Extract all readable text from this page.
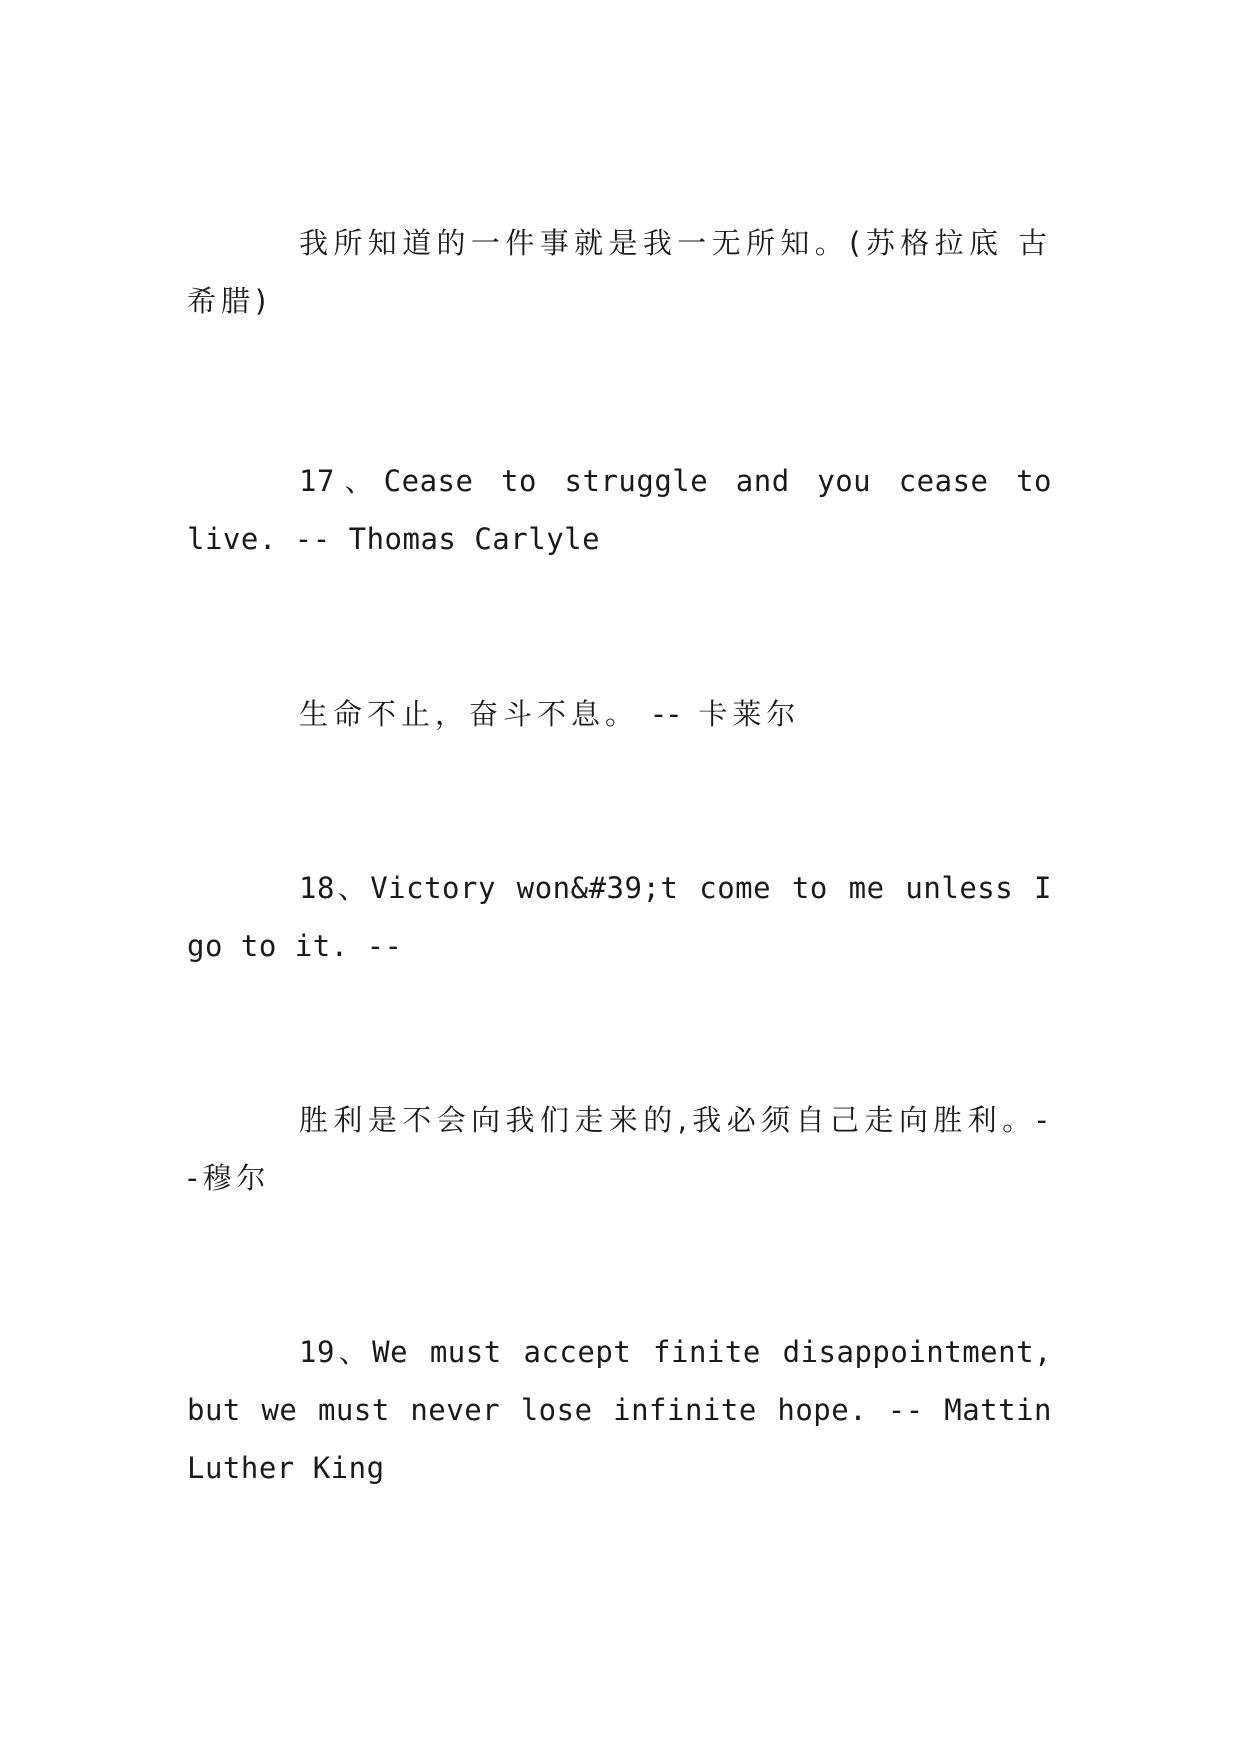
我所知道的一件事就是我一无所知。(苏格拉底 古希腊)

17、Cease to struggle and you cease to live. -- Thomas Carlyle

生命不止，奋斗不息。 -- 卡莱尔

18、Victory won&#39;t come to me unless I go to it. --

胜利是不会向我们走来的,我必须自己走向胜利。--穆尔

19、We must accept finite disappointment, but we must never lose infinite hope. -- Mattin Luther King
